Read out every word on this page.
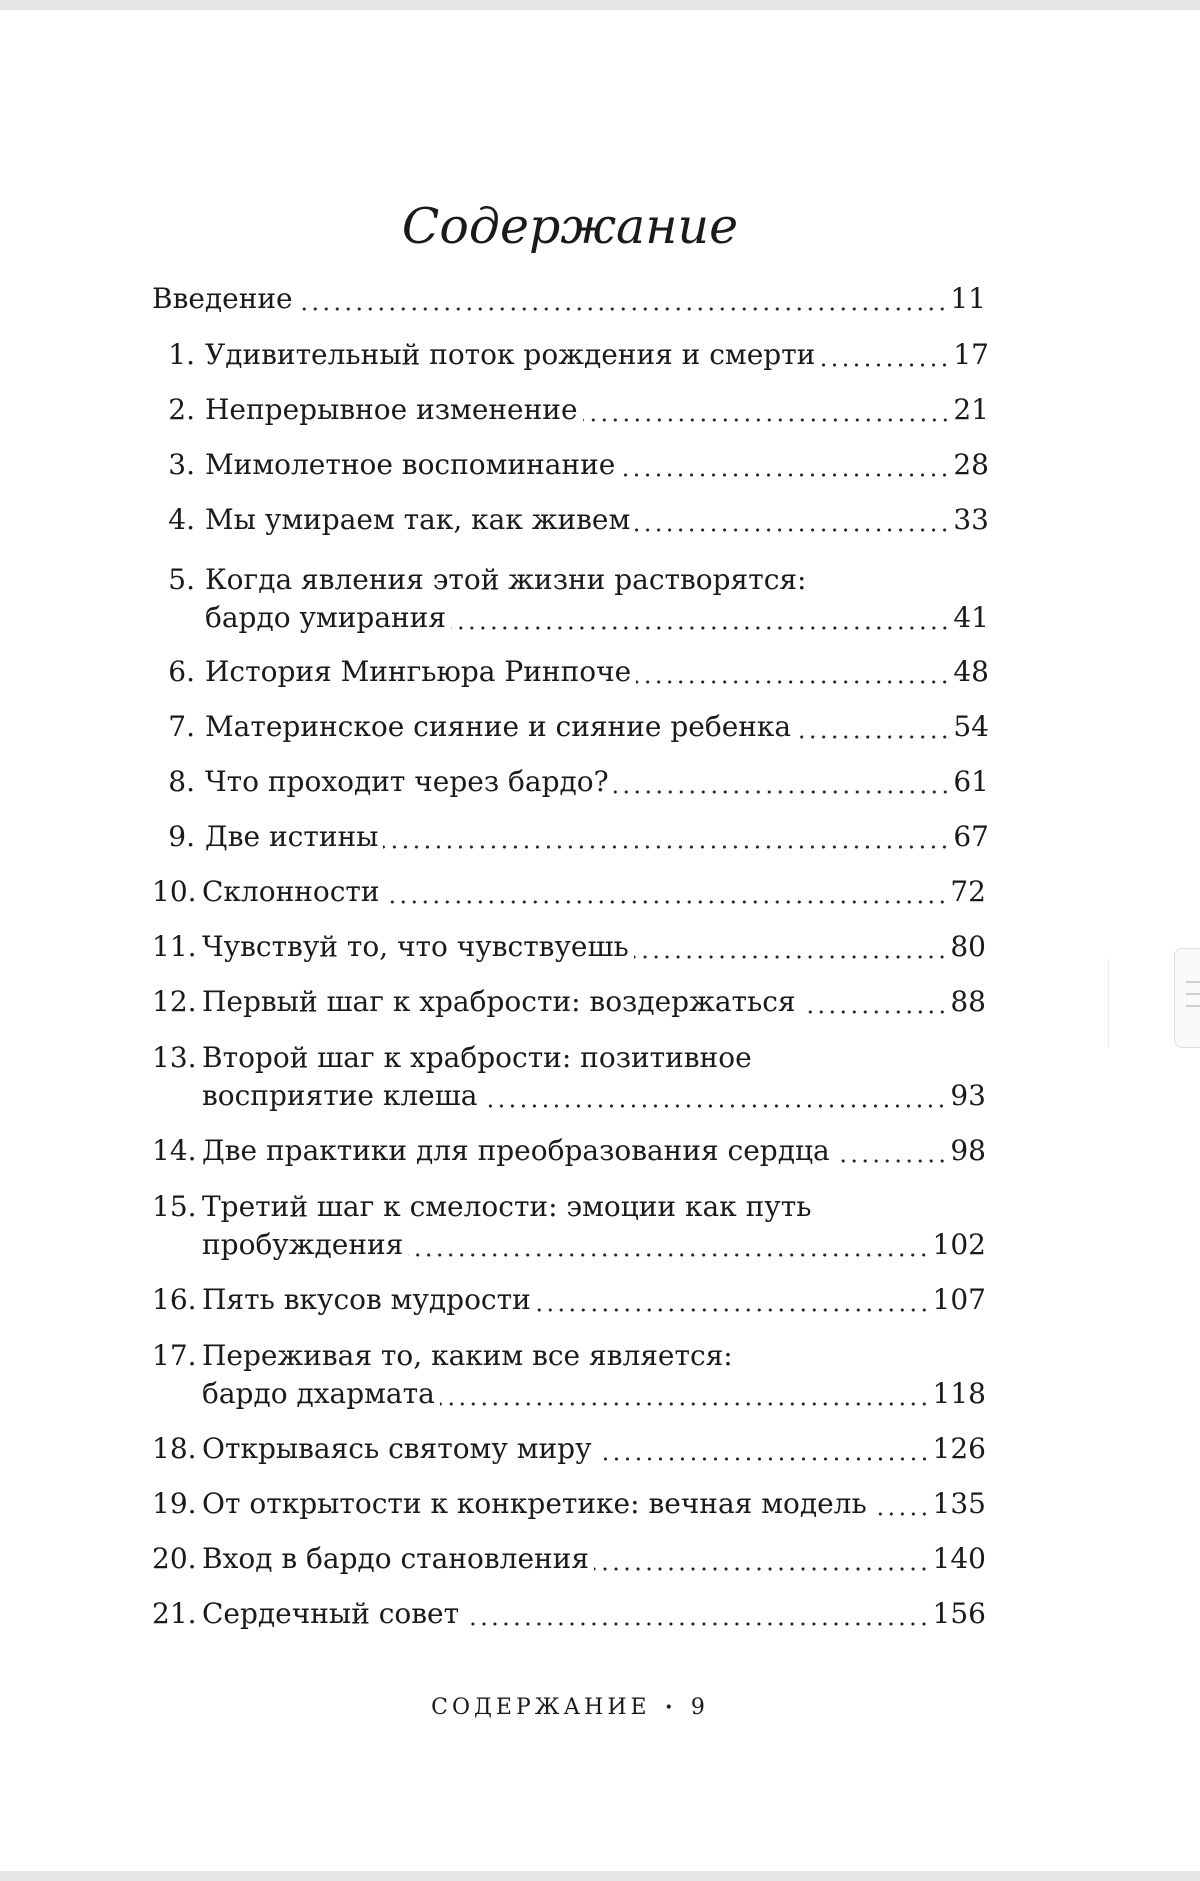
Содержание
Введение	11
1. Удивительный поток рождения и смерти	17
2. Непрерывное изменение	21
3. Мимолетное воспоминание	28
4. Мы умираем так, как живем	33
5. Когда явления этой жизни растворятся:
бардо умирания	41
6. История Мингьюра Ринпоче	48
7. Материнское сияние и сияние ребенка	54
8. Что проходит через бардо?	61
9. Две истины	67
10. Склонности	72
11. Чувствуй то, что чувствуешь	80
12. Первый шаг к храбрости: воздержаться	88
13. Второй шаг к храбрости: позитивное
восприятие клеша	93
14. Две практики для преобразования сердца	98
15. Третий шаг к смелости: эмоции как путь
пробуждения	102
16. Пять вкусов мудрости	107
17. Переживая то, каким все является:
бардо дхармата	118
18. Открываясь святому миру	126
19. От открытости к конкретике: вечная модель 135
20. Вход в бардо становления	140
21. Сердечный совет	156
СОДЕРЖАНИЕ • 9
